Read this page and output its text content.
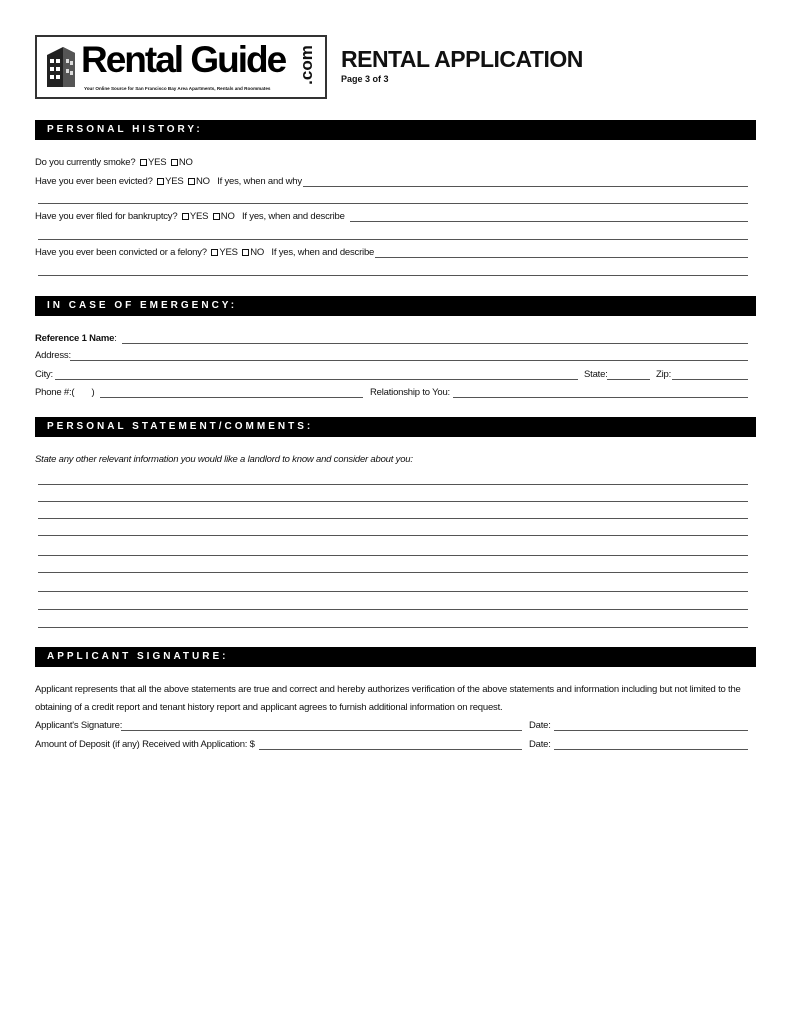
Rental Guide .com
Your Online Source for San Francisco Bay Area Apartments, Rentals and Roommates
RENTAL APPLICATION
Page 3 of 3
PERSONAL HISTORY:
Do you currently smoke? YES NO
Have you ever been evicted? YES NO If yes, when and why
Have you ever filed for bankruptcy? YES NO If yes, when and describe
Have you ever been convicted or a felony? YES NO If yes, when and describe
IN CASE OF EMERGENCY:
Reference 1 Name:
Address:
City:	State:	Zip:
Phone #:( )	Relationship to You:
PERSONAL STATEMENT/COMMENTS:
State any other relevant information you would like a landlord to know and consider about you:
APPLICANT SIGNATURE:
Applicant represents that all the above statements are true and correct and hereby authorizes verification of the above statements and information including but not limited to the
obtaining of a credit report and tenant history report and applicant agrees to furnish additional information on request.
Applicant's Signature:	Date:
Amount of Deposit (if any) Received with Application: $	Date:
